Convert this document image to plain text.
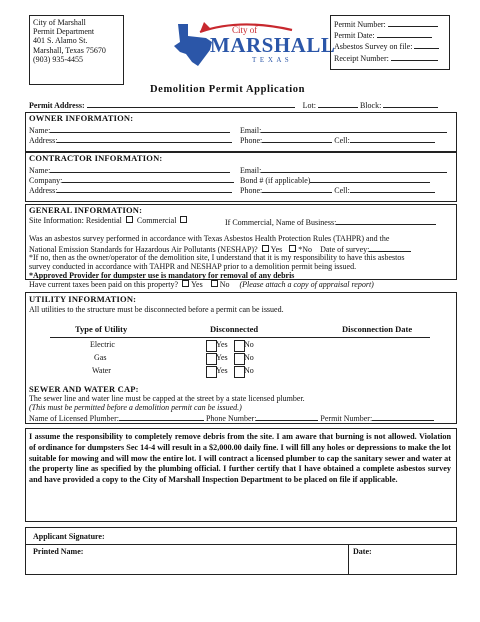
City of Marshall
Permit Department
401 S. Alamo St.
Marshall, Texas 75670
(903) 935-4455
City of
MARSHALL
T E X A S
Permit Number:
Permit Date:
Asbestos Survey on file:
Receipt Number:
Demolition Permit Application
Permit Address:	Lot:	Block:
OWNER INFORMATION:
Name:	Email:
Address:	Phone:	Cell:
CONTRACTOR INFORMATION:
Name:	Email:
Company:	Bond # (if applicable)
Address:	Phone:	Cell:
GENERAL INFORMATION:
Site Information: Residential Commercial	If Commercial, Name of Business:
Was an asbestos survey performed in accordance with Texas Asbestos Health Protection Rules (TAHPR) and the
National Emission Standards for Hazardous Air Pollutants (NESHAP)? Yes *No Date of survey:
*If no, then as the owner/operator of the demolition site, I understand that it is my responsibility to have this asbestos
survey conducted in accordance with TAHPR and NESHAP prior to a demolition permit being issued.
*Approved Provider for dumpster use is mandatory for removal of any debris
Have current taxes been paid on this property? Yes No (Please attach a copy of appraisal report)
UTILITY INFORMATION:
All utilities to the structure must be disconnected before a permit can be issued.
Type of Utility	Disconnected	Disconnection Date
Electric	Yes No
Gas	Yes No
Water	Yes No
SEWER AND WATER CAP:
The sewer line and water line must be capped at the street by a state licensed plumber.
(This must be permitted before a demolition permit can be issued.)
Name of Licensed Plumber:	Phone Number:	Permit Number:
I assume the responsibility to completely remove debris from the site. I am aware that burning is not allowed. Violation of ordinance for dumpsters Sec 14-4 will result in a $2,000.00 daily fine. I will fill any holes or depressions to make the lot suitable for mowing and will mow the entire lot. I will contract a licensed plumber to cap the sanitary sewer and water at the property line as specified by the plumbing official. I further certify that I have obtained a complete asbestos survey and have provided a copy to the City of Marshall Inspection Department to be placed on file if applicable.
Applicant Signature:
Printed Name:	Date:
